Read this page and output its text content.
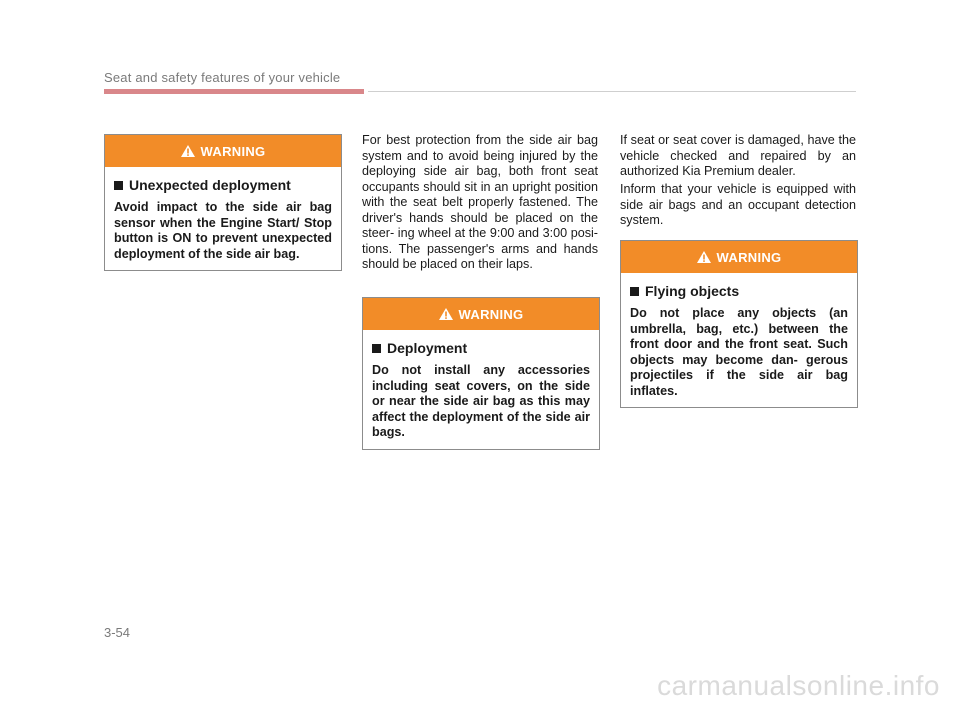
Seat and safety features of your vehicle
WARNING
Unexpected deployment
Avoid impact to the side air bag sensor when the Engine Start/ Stop button is ON to prevent unexpected deployment of the side air bag.
For best protection from the side air bag system and to avoid being injured by the deploying side air bag, both front seat occupants should sit in an upright position with the seat belt properly fastened. The driver's hands should be placed on the steer- ing wheel at the 9:00 and 3:00 posi- tions. The passenger's arms and hands should be placed on their laps.
WARNING
Deployment
Do not install any accessories including seat covers, on the side or near the side air bag as this may affect the deployment of the side air bags.
If seat or seat cover is damaged, have the vehicle checked and repaired by an authorized Kia Premium dealer.
Inform that your vehicle is equipped with side air bags and an occupant detection system.
WARNING
Flying objects
Do not place any objects (an umbrella, bag, etc.) between the front door and the front seat. Such objects may become dan- gerous projectiles if the side air bag inflates.
3-54
carmanualsonline.info
